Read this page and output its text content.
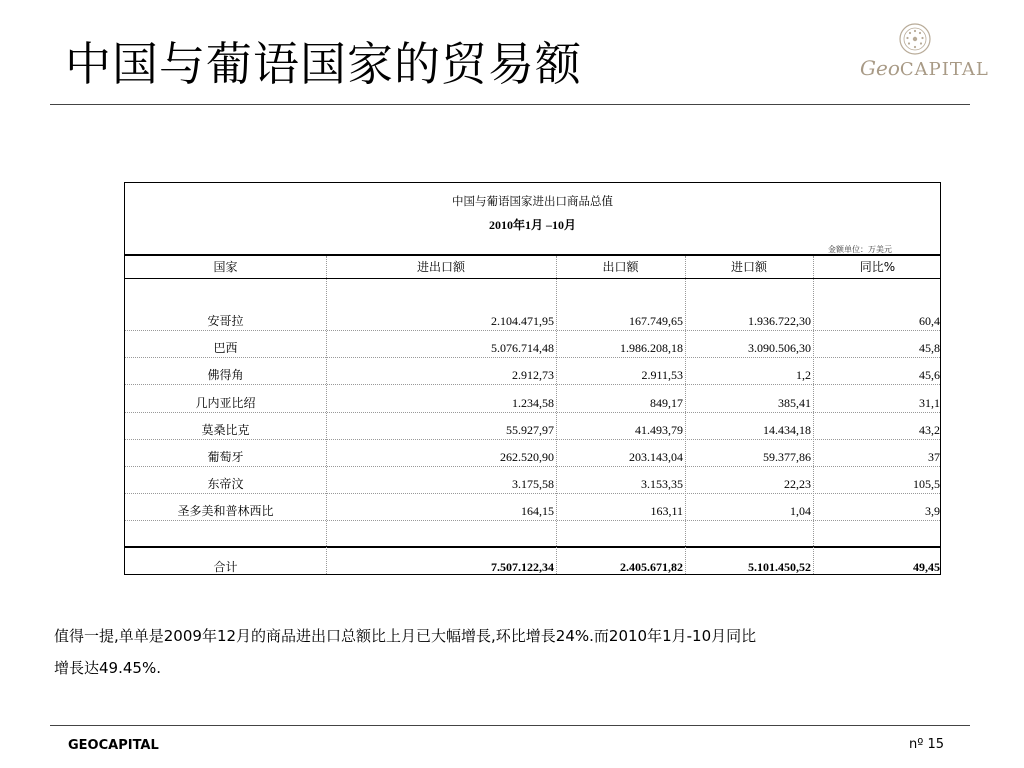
中国与葡语国家的贸易额	GeoCAPITAL
中国与葡语国家进出口商品总值
2010年1月 –10月
金额单位：万美元
国家	进出口额	出口额	进口额	同比%
安哥拉	2.104.471,95	167.749,65	1.936.722,30	60,4
巴西	5.076.714,48	1.986.208,18	3.090.506,30	45,8
佛得角	2.912,73	2.911,53	1,2	45,6
几内亚比绍	1.234,58	849,17	385,41	31,1
莫桑比克	55.927,97	41.493,79	14.434,18	43,2
葡萄牙	262.520,90	203.143,04	59.377,86	37
东帝汶	3.175,58	3.153,35	22,23	105,5
圣多美和普林西比	164,15	163,11	1,04	3,9
合计	7.507.122,34	2.405.671,82	5.101.450,52	49,45
值得一提,单单是2009年12月的商品进出口总额比上月已大幅增長,环比增長24%.而2010年1月-10月同比
增長达49.45%.
GEOCAPITAL	nº 15
